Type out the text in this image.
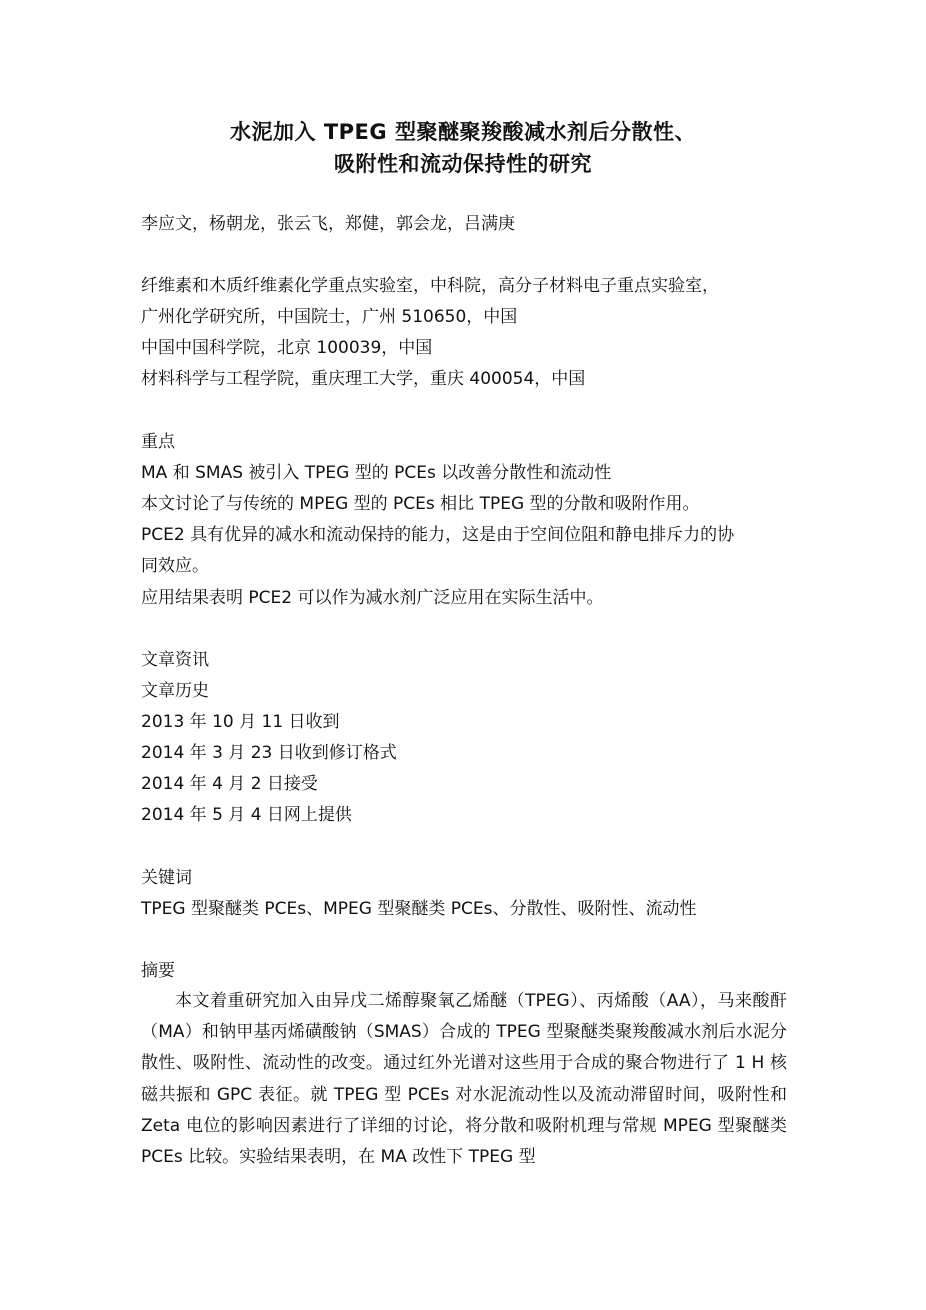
水泥加入 TPEG 型聚醚聚羧酸减水剂后分散性、
吸附性和流动保持性的研究
李应文，杨朝龙，张云飞，郑健，郭会龙，吕满庚
纤维素和木质纤维素化学重点实验室，中科院，高分子材料电子重点实验室，
广州化学研究所，中国院士，广州 510650，中国
中国中国科学院，北京 100039，中国
材料科学与工程学院，重庆理工大学，重庆 400054，中国
重点
MA 和 SMAS 被引入 TPEG 型的 PCEs 以改善分散性和流动性
本文讨论了与传统的 MPEG 型的 PCEs 相比 TPEG 型的分散和吸附作用。
PCE2 具有优异的减水和流动保持的能力，这是由于空间位阻和静电排斥力的协
同效应。
应用结果表明 PCE2 可以作为减水剂广泛应用在实际生活中。
文章资讯
文章历史
2013 年 10 月 11 日收到
2014 年 3 月 23 日收到修订格式
2014 年 4 月 2 日接受
2014 年 5 月 4 日网上提供
关键词
TPEG 型聚醚类 PCEs、MPEG 型聚醚类 PCEs、分散性、吸附性、流动性
摘要
本文着重研究加入由异戊二烯醇聚氧乙烯醚（TPEG）、丙烯酸（AA），马来酸酐（MA）和钠甲基丙烯磺酸钠（SMAS）合成的 TPEG 型聚醚类聚羧酸减水剂后水泥分散性、吸附性、流动性的改变。通过红外光谱对这些用于合成的聚合物进行了 1 H 核磁共振和 GPC 表征。就 TPEG 型 PCEs 对水泥流动性以及流动滞留时间，吸附性和 Zeta 电位的影响因素进行了详细的讨论，将分散和吸附机理与常规 MPEG 型聚醚类 PCEs 比较。实验结果表明，在 MA 改性下 TPEG 型
